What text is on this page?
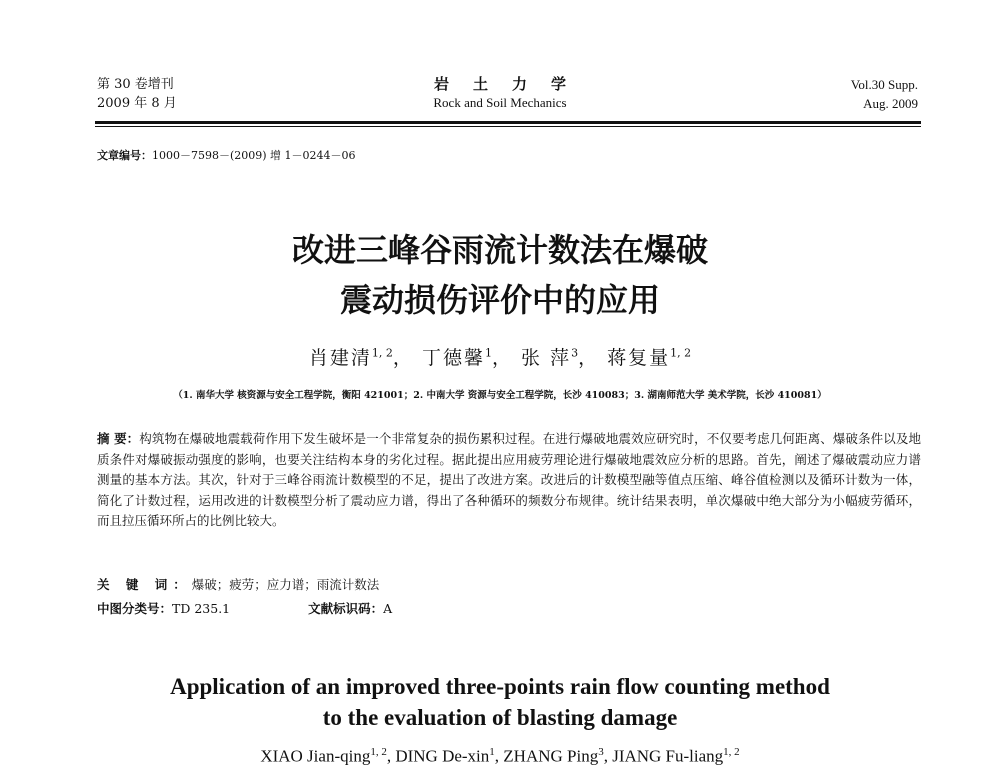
第 30 卷增刊
2009 年 8 月
岩土力学
Rock and Soil Mechanics
Vol.30 Supp.
Aug. 2009
文章编号：1000－7598－(2009) 增 1－0244－06
改进三峰谷雨流计数法在爆破
震动损伤评价中的应用
肖建清$^{1, 2}$， 丁德馨$^1$， 张 萍$^3$， 蒋复量$^{1, 2}$
（1. 南华大学 核资源与安全工程学院，衡阳 421001；2. 中南大学 资源与安全工程学院，长沙 410083；3. 湖南师范大学 美术学院，长沙 410081）
摘 要：构筑物在爆破地震载荷作用下发生破坏是一个非常复杂的损伤累积过程。在进行爆破地震效应研究时，不仅要考虑几何距离、爆破条件以及地质条件对爆破振动强度的影响，也要关注结构本身的劣化过程。据此提出应用疲劳理论进行爆破地震效应分析的思路。首先，阐述了爆破震动应力谱测量的基本方法。其次，针对于三峰谷雨流计数模型的不足，提出了改进方案。改进后的计数模型融等值点压缩、峰谷值检测以及循环计数为一体，简化了计数过程，运用改进的计数模型分析了震动应力谱，得出了各种循环的频数分布规律。统计结果表明，单次爆破中绝大部分为小幅疲劳循环，而且拉压循环所占的比例比较大。
关 键 词：爆破；疲劳；应力谱；雨流计数法
中图分类号：TD 235.1	文献标识码：A
Application of an improved three-points rain flow counting method
to the evaluation of blasting damage
XIAO Jian-qing$^{1, 2}$, DING De-xin$^1$, ZHANG Ping$^3$, JIANG Fu-liang$^{1, 2}$
